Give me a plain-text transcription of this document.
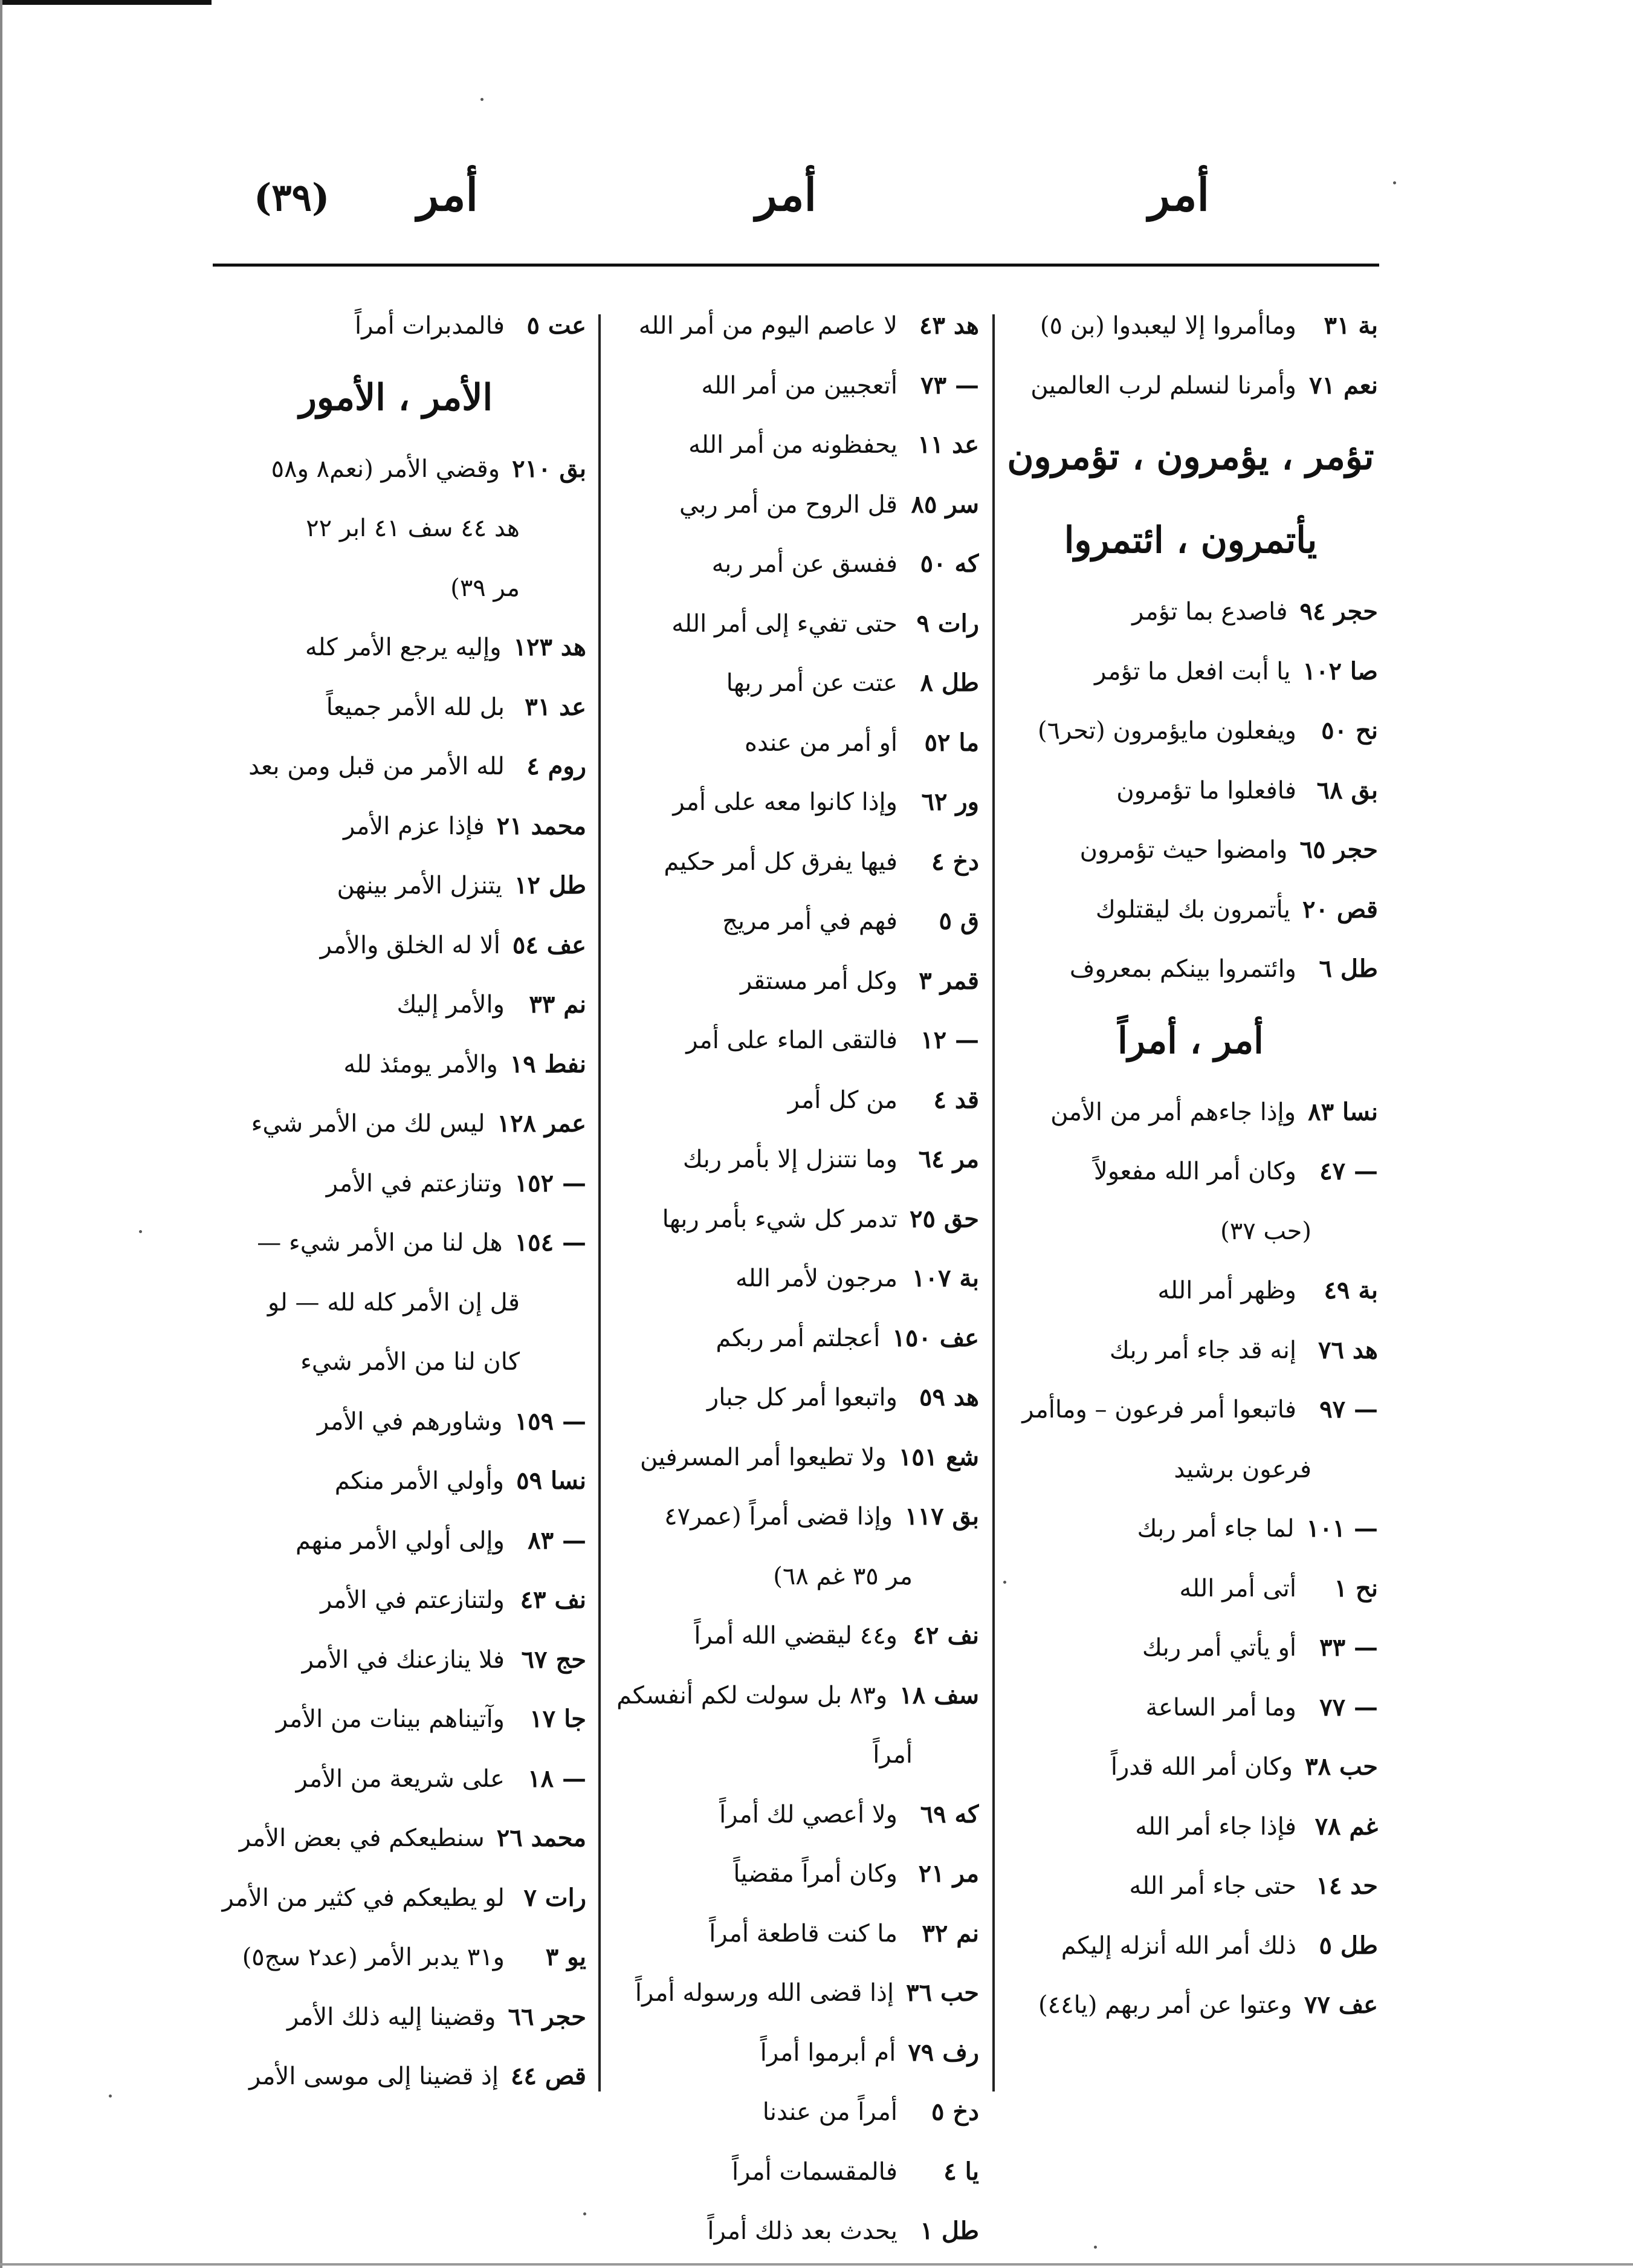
أمر
أمر
أمر
(٣٩)
بة ٣١وماأمروا إلا ليعبدوا (بن ٥)
نعم ٧١وأمرنا لنسلم لرب العالمين
تؤمر ، يؤمرون ، تؤمرون
يأتمرون ، ائتمروا
حجر ٩٤فاصدع بما تؤمر
صا ١٠٢يا أبت افعل ما تؤمر
نح ٥٠ويفعلون مايؤمرون (تحر٦)
بق ٦٨فافعلوا ما تؤمرون
حجر ٦٥وامضوا حيث تؤمرون
قص ٢٠يأتمرون بك ليقتلوك
طل ٦وائتمروا بينكم بمعروف
أمر ، أمراً
نسا ٨٣وإذا جاءهم أمر من الأمن
— ٤٧وكان أمر الله مفعولاً
(حب ٣٧)
بة ٤٩وظهر أمر الله
هد ٧٦إنه قد جاء أمر ربك
— ٩٧فاتبعوا أمر فرعون – وماأمر
فرعون برشيد
— ١٠١لما جاء أمر ربك
نح ١أتى أمر الله
— ٣٣أو يأتي أمر ربك
— ٧٧وما أمر الساعة
حب ٣٨وكان أمر الله قدراً
غم ٧٨فإذا جاء أمر الله
حد ١٤حتى جاء أمر الله
طل ٥ذلك أمر الله أنزله إليكم
عف ٧٧وعتوا عن أمر ربهم (يا٤٤)
هد ٤٣لا عاصم اليوم من أمر الله
— ٧٣أتعجبين من أمر الله
عد ١١يحفظونه من أمر الله
سر ٨٥قل الروح من أمر ربي
كه ٥٠ففسق عن أمر ربه
رات ٩حتى تفيء إلى أمر الله
طل ٨عتت عن أمر ربها
ما ٥٢أو أمر من عنده
ور ٦٢وإذا كانوا معه على أمر
دخ ٤فيها يفرق كل أمر حكيم
ق ٥فهم في أمر مريج
قمر ٣وكل أمر مستقر
— ١٢فالتقى الماء على أمر
قد ٤من كل أمر
مر ٦٤وما نتنزل إلا بأمر ربك
حق ٢٥تدمر كل شيء بأمر ربها
بة ١٠٧مرجون لأمر الله
عف ١٥٠أعجلتم أمر ربكم
هد ٥٩واتبعوا أمر كل جبار
شع ١٥١ولا تطيعوا أمر المسرفين
بق ١١٧وإذا قضى أمراً (عمر٤٧
مر ٣٥ غم ٦٨)
نف ٤٢و٤٤ ليقضي الله أمراً
سف ١٨و٨٣ بل سولت لكم أنفسكم
أمراً
كه ٦٩ولا أعصي لك أمراً
مر ٢١وكان أمراً مقضياً
نم ٣٢ما كنت قاطعة أمراً
حب ٣٦إذا قضى الله ورسوله أمراً
رف ٧٩أم أبرموا أمراً
دخ ٥أمراً من عندنا
يا ٤فالمقسمات أمراً
طل ١يحدث بعد ذلك أمراً
عت ٥فالمدبرات أمراً
الأمر ، الأمور
بق ٢١٠وقضي الأمر (نعم٨ و٥٨
هد ٤٤ سف ٤١ ابر ٢٢
مر ٣٩)
هد ١٢٣وإليه يرجع الأمر كله
عد ٣١بل لله الأمر جميعاً
روم ٤لله الأمر من قبل ومن بعد
محمد ٢١فإذا عزم الأمر
طل ١٢يتنزل الأمر بينهن
عف ٥٤ألا له الخلق والأمر
نم ٣٣والأمر إليك
نفط ١٩والأمر يومئذ لله
عمر ١٢٨ليس لك من الأمر شيء
— ١٥٢وتنازعتم في الأمر
— ١٥٤هل لنا من الأمر شيء —
قل إن الأمر كله لله — لو
كان لنا من الأمر شيء
— ١٥٩وشاورهم في الأمر
نسا ٥٩وأولي الأمر منكم
— ٨٣وإلى أولي الأمر منهم
نف ٤٣ولتنازعتم في الأمر
حج ٦٧فلا ينازعنك في الأمر
جا ١٧وآتيناهم بينات من الأمر
— ١٨على شريعة من الأمر
محمد ٢٦سنطيعكم في بعض الأمر
رات ٧لو يطيعكم في كثير من الأمر
يو ٣و٣١ يدبر الأمر (عد٢ سج٥)
حجر ٦٦وقضينا إليه ذلك الأمر
قص ٤٤إذ قضينا إلى موسى الأمر
